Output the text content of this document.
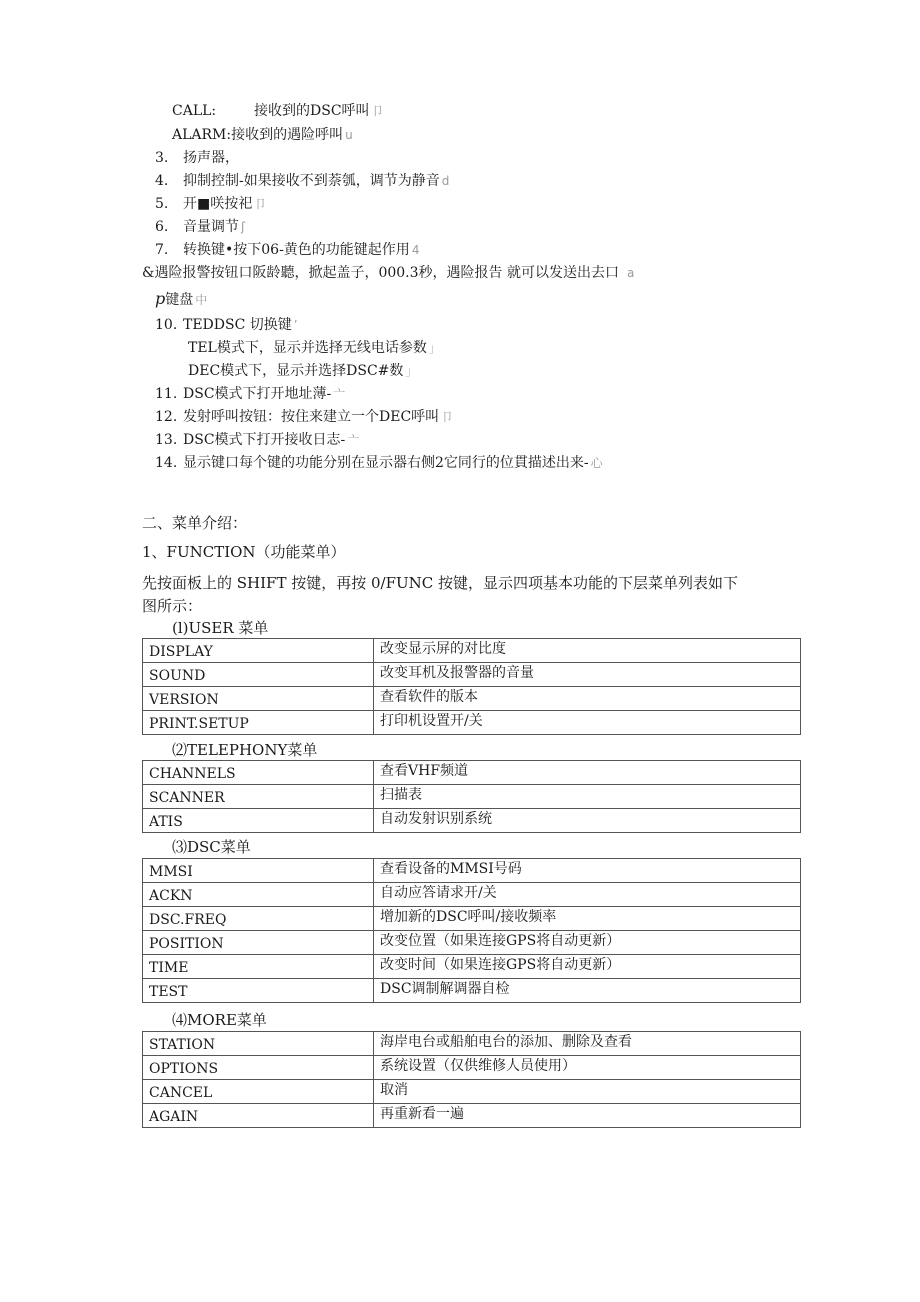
CALL:	接收到的DSC呼叫 卩
ALARM:接收到的遇险呼叫 u
3. 扬声器，
4. 抑制控制-如果接收不到萘瓠，调节为静音 d
5. 开■咲按祀 卩
6. 音量调节 ʃ
7. 转换键•按下06-黄色的功能键起作用 4
&遇险报警按钮口阪龄聽，掀起盖子，000.3秒，遇险报告 就可以发送出去口 a
p键盘 中
10. TEDDSC 切换键 ’
TEL模式下，显示并选择无线电话参数 」
DEC模式下，显示并选择DSC#数 」
11. DSC模式下打开地址薄- 亠
12. 发射呼叫按钮：按住来建立一个DEC呼叫 卩
13. DSC模式下打开接收日志- 亠
14. 显示键口每个键的功能分别在显示器右侧2它同行的位貫描述出来- 心
二、菜单介绍：
1、FUNCTION（功能菜单）
先按面板上的 SHIFT 按键，再按 0/FUNC 按键，显示四项基本功能的下层菜单列表如下
图所示：
(l)USER 菜单
DISPLAY	改变显示屏的对比度
SOUND	改变耳机及报警器的音量
VERSION	查看软件的版本
PRINT.SETUP	打印机设置开/关
⑵TELEPHONY菜单
CHANNELS	查看VHF频道
SCANNER	扫描表
ATIS	自动发射识别系统
⑶DSC菜单
MMSI	查看设备的MMSI号码
ACKN	自动应答请求开/关
DSC.FREQ	增加新的DSC呼叫/接收频率
POSITION	改变位置（如果连接GPS将自动更新）
TIME	改变时间（如果连接GPS将自动更新）
TEST	DSC调制解调器自检
⑷MORE菜单
STATION	海岸电台或船舶电台的添加、删除及查看
OPTIONS	系统设置（仅供维修人员使用）
CANCEL	取消
AGAIN	再重新看一遍
